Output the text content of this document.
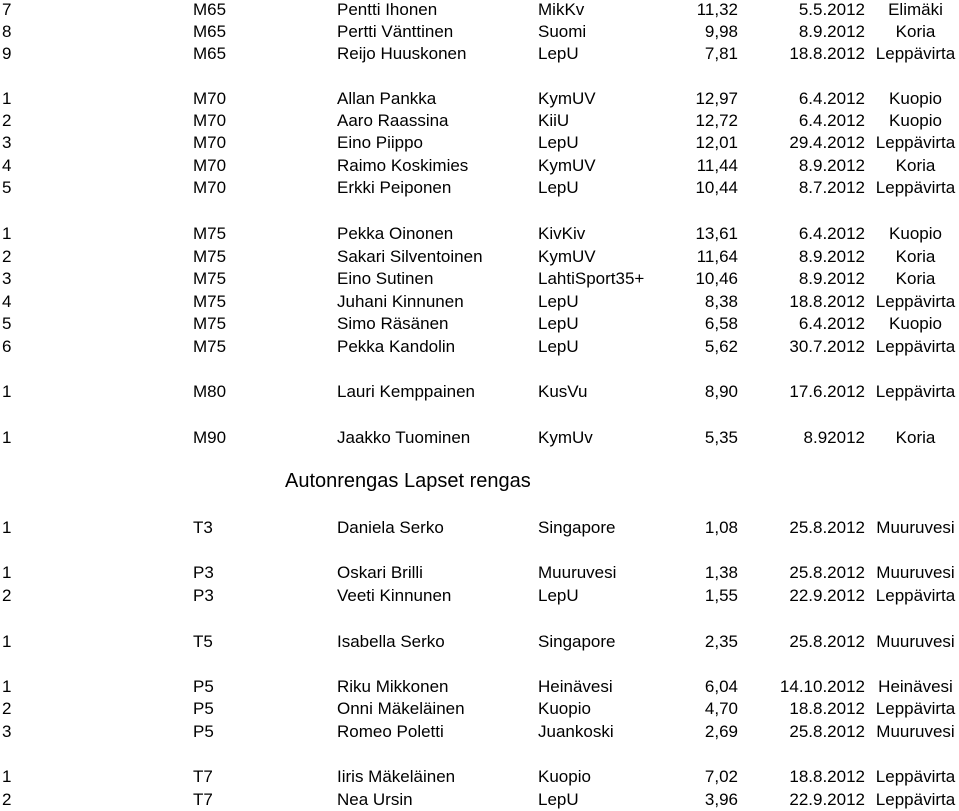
7	M65	Pentti Ihonen	MikKv	11,32	5.5.2012	Elimäki
8	M65	Pertti Vänttinen	Suomi	9,98	8.9.2012	Koria
9	M65	Reijo Huuskonen	LepU	7,81	18.8.2012 Leppävirta
1	M70	Allan Pankka	KymUV	12,97	6.4.2012	Kuopio
2	M70	Aaro Raassina	KiiU	12,72	6.4.2012	Kuopio
3	M70	Eino Piippo	LepU	12,01	29.4.2012 Leppävirta
4	M70	Raimo Koskimies	KymUV	11,44	8.9.2012	Koria
5	M70	Erkki Peiponen	LepU	10,44	8.7.2012 Leppävirta
1	M75	Pekka Oinonen	KivKiv	13,61	6.4.2012	Kuopio
2	M75	Sakari Silventoinen	KymUV	11,64	8.9.2012	Koria
3	M75	Eino Sutinen	LahtiSport35+	10,46	8.9.2012	Koria
4	M75	Juhani Kinnunen	LepU	8,38	18.8.2012 Leppävirta
5	M75	Simo Räsänen	LepU	6,58	6.4.2012	Kuopio
6	M75	Pekka Kandolin	LepU	5,62	30.7.2012 Leppävirta
1	M80	Lauri Kemppainen	KusVu	8,90	17.6.2012 Leppävirta
1	M90	Jaakko Tuominen	KymUv	5,35	8.92012	Koria
Autonrengas Lapset rengas
1	T3	Daniela Serko	Singapore	1,08	25.8.2012 Muuruvesi
1	P3	Oskari Brilli	Muuruvesi	1,38	25.8.2012 Muuruvesi
2	P3	Veeti Kinnunen	LepU	1,55	22.9.2012 Leppävirta
1	T5	Isabella Serko	Singapore	2,35	25.8.2012 Muuruvesi
1	P5	Riku Mikkonen	Heinävesi	6,04	14.10.2012 Heinävesi
2	P5	Onni Mäkeläinen	Kuopio	4,70	18.8.2012 Leppävirta
3	P5	Romeo Poletti	Juankoski	2,69	25.8.2012 Muuruvesi
1	T7	Iiris Mäkeläinen	Kuopio	7,02	18.8.2012 Leppävirta
2	T7	Nea Ursin	LepU	3,96	22.9.2012 Leppävirta
